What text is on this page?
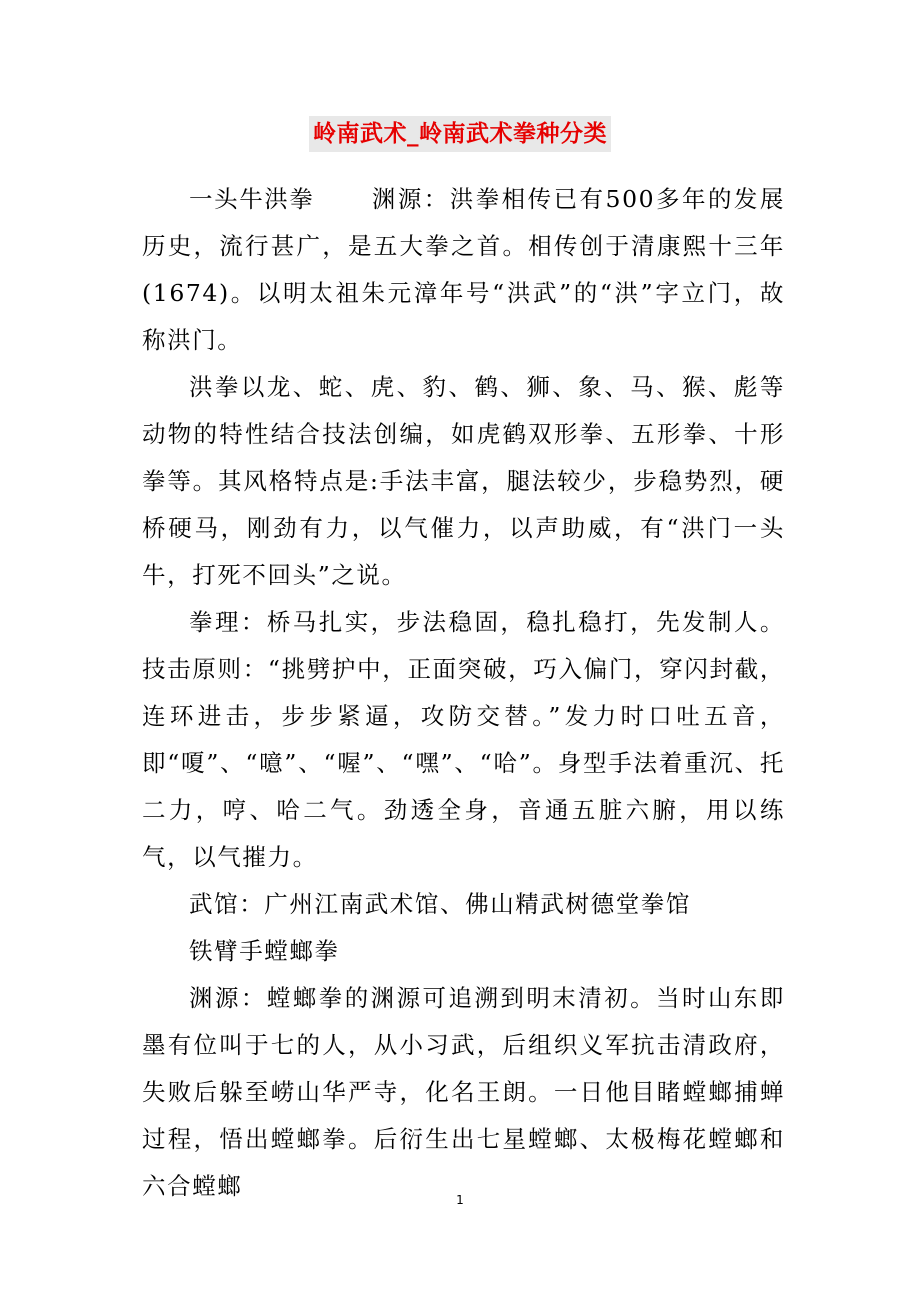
岭南武术_岭南武术拳种分类

一头牛洪拳 渊源：洪拳相传已有500多年的发展历史，流行甚广，是五大拳之首。相传创于清康熙十三年(1674)。以明太祖朱元漳年号“洪武”的“洪”字立门，故称洪门。

洪拳以龙、蛇、虎、豹、鹤、狮、象、马、猴、彪等动物的特性结合技法创编，如虎鹤双形拳、五形拳、十形拳等。其风格特点是:手法丰富，腿法较少，步稳势烈，硬桥硬马，刚劲有力，以气催力，以声助威，有“洪门一头牛，打死不回头”之说。

拳理：桥马扎实，步法稳固，稳扎稳打，先发制人。技击原则：“挑劈护中，正面突破，巧入偏门，穿闪封截，连环进击，步步紧逼，攻防交替。”发力时口吐五音，即“嗄”、“噫”、“喔”、“嘿”、“哈”。身型手法着重沉、托二力，哼、哈二气。劲透全身，音通五脏六腑，用以练气，以气摧力。

武馆：广州江南武术馆、佛山精武树德堂拳馆

铁臂手螳螂拳

渊源：螳螂拳的渊源可追溯到明末清初。当时山东即墨有位叫于七的人，从小习武，后组织义军抗击清政府，失败后躲至崂山华严寺，化名王朗。一日他目睹螳螂捕蝉过程，悟出螳螂拳。后衍生出七星螳螂、太极梅花螳螂和六合螳螂	1
